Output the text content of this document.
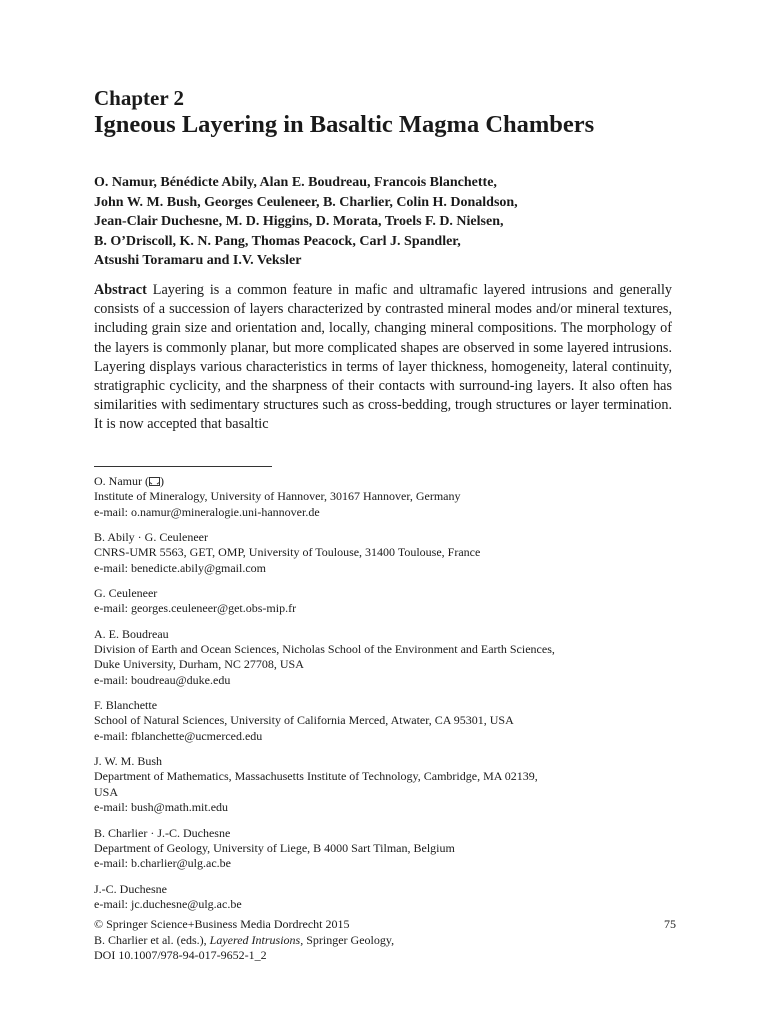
Chapter 2
Igneous Layering in Basaltic Magma Chambers
O. Namur, Bénédicte Abily, Alan E. Boudreau, Francois Blanchette,
John W. M. Bush, Georges Ceuleneer, B. Charlier, Colin H. Donaldson,
Jean-Clair Duchesne, M. D. Higgins, D. Morata, Troels F. D. Nielsen,
B. O’Driscoll, K. N. Pang, Thomas Peacock, Carl J. Spandler,
Atsushi Toramaru and I.V. Veksler
Abstract Layering is a common feature in mafic and ultramafic layered intrusions and generally consists of a succession of layers characterized by contrasted mineral modes and/or mineral textures, including grain size and orientation and, locally, changing mineral compositions. The morphology of the layers is commonly planar, but more complicated shapes are observed in some layered intrusions. Layering displays various characteristics in terms of layer thickness, homogeneity, lateral continuity, stratigraphic cyclicity, and the sharpness of their contacts with surround-ing layers. It also often has similarities with sedimentary structures such as cross-bedding, trough structures or layer termination. It is now accepted that basaltic
O. Namur ( )
Institute of Mineralogy, University of Hannover, 30167 Hannover, Germany
e-mail: o.namur@mineralogie.uni-hannover.de
B. Abily · G. Ceuleneer
CNRS-UMR 5563, GET, OMP, University of Toulouse, 31400 Toulouse, France
e-mail: benedicte.abily@gmail.com
G. Ceuleneer
e-mail: georges.ceuleneer@get.obs-mip.fr
A. E. Boudreau
Division of Earth and Ocean Sciences, Nicholas School of the Environment and Earth Sciences,
Duke University, Durham, NC 27708, USA
e-mail: boudreau@duke.edu
F. Blanchette
School of Natural Sciences, University of California Merced, Atwater, CA 95301, USA
e-mail: fblanchette@ucmerced.edu
J. W. M. Bush
Department of Mathematics, Massachusetts Institute of Technology, Cambridge, MA 02139,
USA
e-mail: bush@math.mit.edu
B. Charlier · J.-C. Duchesne
Department of Geology, University of Liege, B 4000 Sart Tilman, Belgium
e-mail: b.charlier@ulg.ac.be
J.-C. Duchesne
e-mail: jc.duchesne@ulg.ac.be
© Springer Science+Business Media Dordrecht 2015	75
B. Charlier et al. (eds.), Layered Intrusions, Springer Geology,
DOI 10.1007/978-94-017-9652-1_2
